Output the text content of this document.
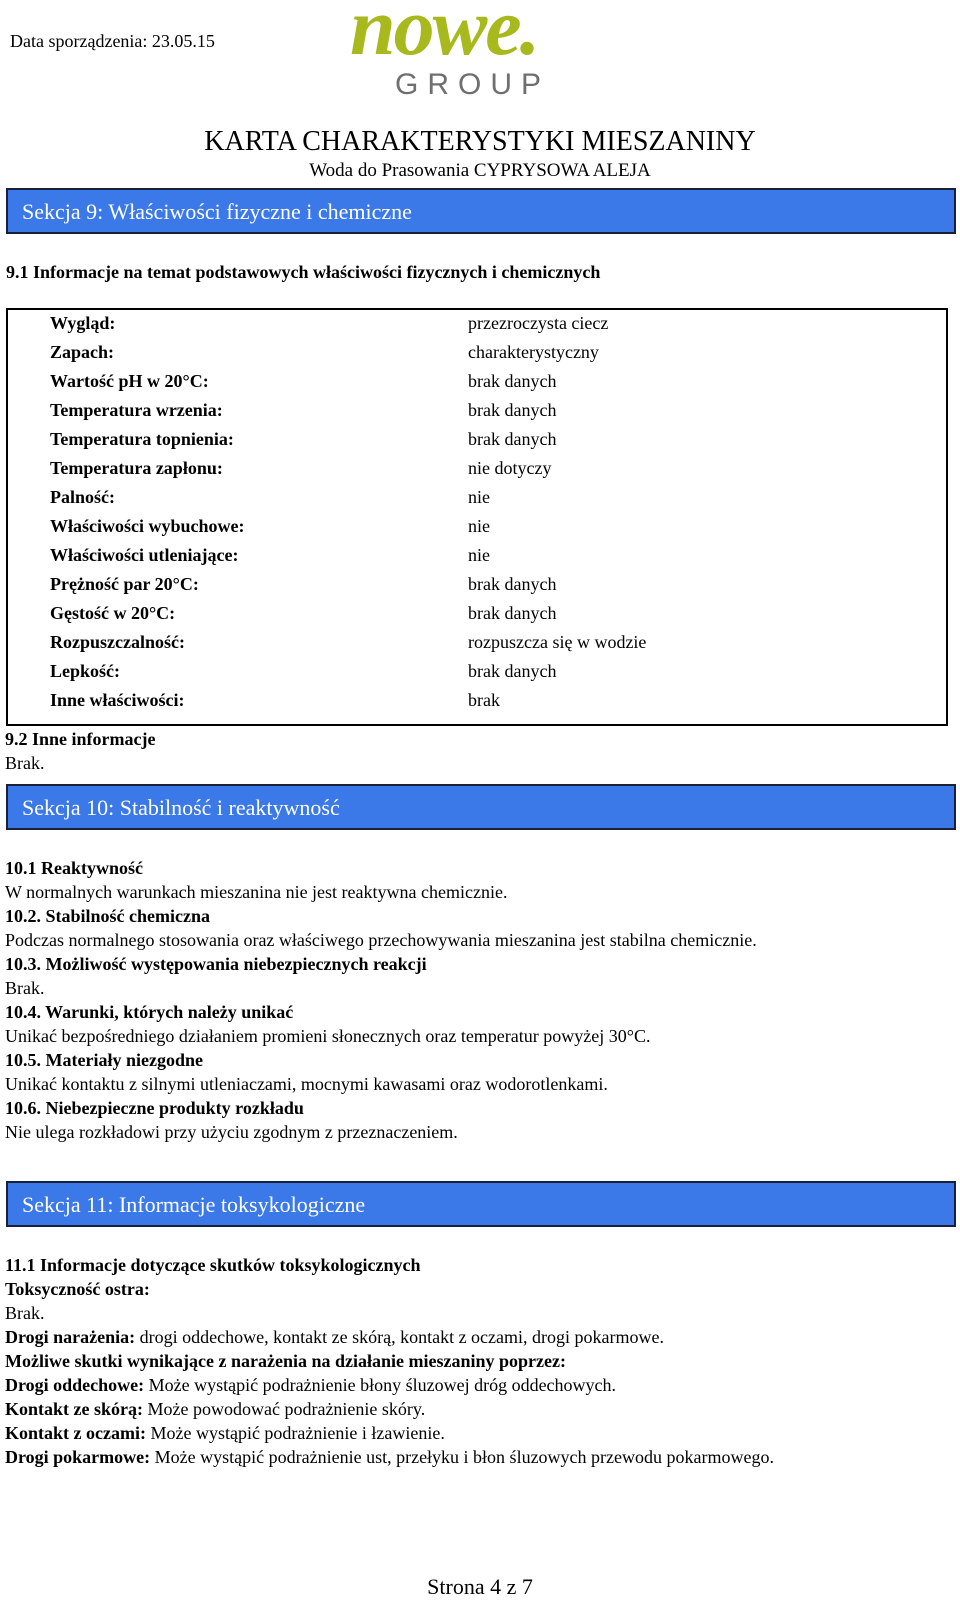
Data sporządzenia: 23.05.15 nowe.
GROUP
KARTA CHARAKTERYSTYKI MIESZANINY
Woda do Prasowania CYPRYSOWA ALEJA
Sekcja 9: Właściwości fizyczne i chemiczne
9.1 Informacje na temat podstawowych właściwości fizycznych i chemicznych
Wygląd:	przezroczysta ciecz
Zapach:	charakterystyczny
Wartość pH w 20°C:	brak danych
Temperatura wrzenia:	brak danych
Temperatura topnienia:	brak danych
Temperatura zapłonu:	nie dotyczy
Palność:	nie
Właściwości wybuchowe:	nie
Właściwości utleniające:	nie
Prężność par 20°C:	brak danych
Gęstość w 20°C:	brak danych
Rozpuszczalność:	rozpuszcza się w wodzie
Lepkość:	brak danych
Inne właściwości:	brak
9.2 Inne informacje
Brak.
Sekcja 10: Stabilność i reaktywność
10.1 Reaktywność
W normalnych warunkach mieszanina nie jest reaktywna chemicznie.
10.2. Stabilność chemiczna
Podczas normalnego stosowania oraz właściwego przechowywania mieszanina jest stabilna chemicznie.
10.3. Możliwość występowania niebezpiecznych reakcji
Brak.
10.4. Warunki, których należy unikać
Unikać bezpośredniego działaniem promieni słonecznych oraz temperatur powyżej 30°C.
10.5. Materiały niezgodne
Unikać kontaktu z silnymi utleniaczami, mocnymi kawasami oraz wodorotlenkami.
10.6. Niebezpieczne produkty rozkładu
Nie ulega rozkładowi przy użyciu zgodnym z przeznaczeniem.
Sekcja 11: Informacje toksykologiczne
11.1 Informacje dotyczące skutków toksykologicznych
Toksyczność ostra:
Brak.
Drogi narażenia: drogi oddechowe, kontakt ze skórą, kontakt z oczami, drogi pokarmowe.
Możliwe skutki wynikające z narażenia na działanie mieszaniny poprzez:
Drogi oddechowe: Może wystąpić podrażnienie błony śluzowej dróg oddechowych.
Kontakt ze skórą: Może powodować podrażnienie skóry.
Kontakt z oczami: Może wystąpić podrażnienie i łzawienie.
Drogi pokarmowe: Może wystąpić podrażnienie ust, przełyku i błon śluzowych przewodu pokarmowego.
Strona 4 z 7
